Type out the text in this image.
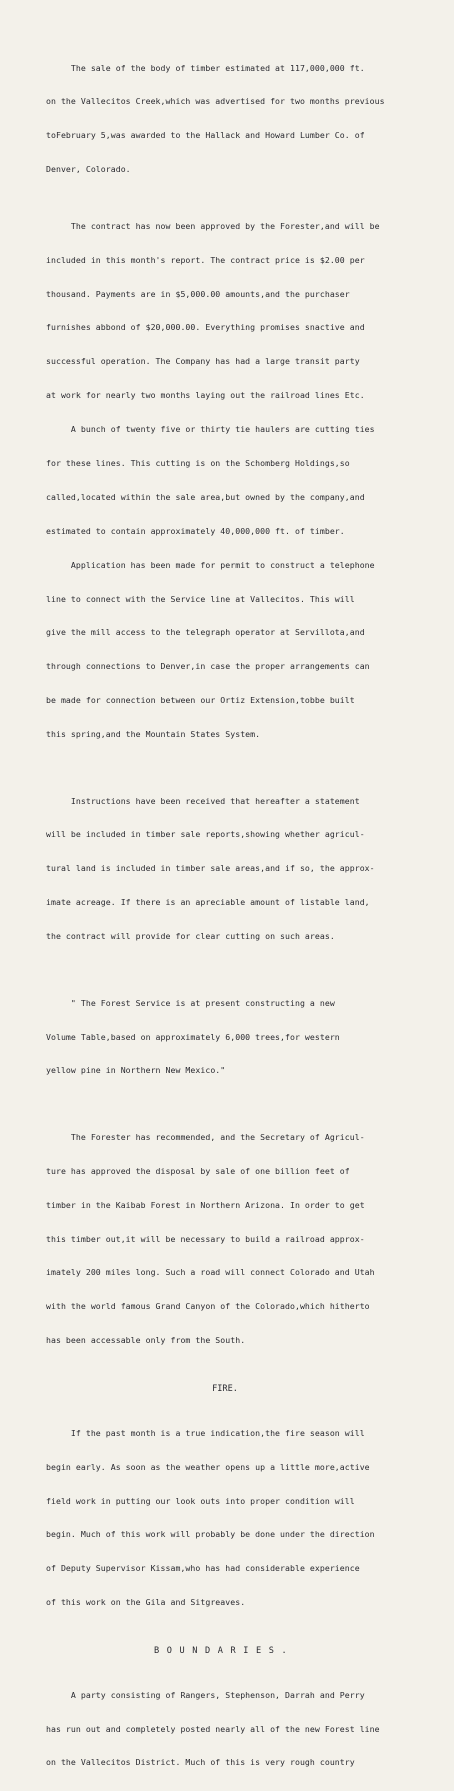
The sale of the body of timber estimated at 117,000,000 ft.

on the Vallecitos Creek,which was advertised for two months previous

toFebruary 5,was awarded to the Hallack and Howard Lumber Co. of

Denver, Colorado.

The contract has now been approved by the Forester,and will be

included in this month's report. The contract price is $2.00 per

thousand. Payments are in $5,000.00 amounts,and the purchaser

furnishes abbond of $20,000.00. Everything promises snactive and

successful operation. The Company has had a large transit party

at work for nearly two months laying out the railroad lines Etc.

A bunch of twenty five or thirty tie haulers are cutting ties

for these lines. This cutting is on the Schomberg Holdings,so

called,located within the sale area,but owned by the company,and

estimated to contain approximately 40,000,000 ft. of timber.

Application has been made for permit to construct a telephone

line to connect with the Service line at Vallecitos. This will

give the mill access to the telegraph operator at Servillota,and

through connections to Denver,in case the proper arrangements can

be made for connection between our Ortiz Extension,tobbe built

this spring,and the Mountain States System.

Instructions have been received that hereafter a statement

will be included in timber sale reports,showing whether agricul-

tural land is included in timber sale areas,and if so, the approx-

imate acreage. If there is an apreciable amount of listable land,

the contract will provide for clear cutting on such areas.

" The Forest Service is at present constructing a new

Volume Table,based on approximately 6,000 trees,for western

yellow pine in Northern New Mexico."

The Forester has recommended, and the Secretary of Agricul-

ture has approved the disposal by sale of one billion feet of

timber in the Kaibab Forest in Northern Arizona. In order to get

this timber out,it will be necessary to build a railroad approx-

imately 200 miles long. Such a road will connect Colorado and Utah

with the world famous Grand Canyon of the Colorado,which hitherto

has been accessable only from the South.

FIRE.

If the past month is a true indication,the fire season will

begin early. As soon as the weather opens up a little more,active

field work in putting our look outs into proper condition will

begin. Much of this work will probably be done under the direction

of Deputy Supervisor Kissam,who has had considerable experience

of this work on the Gila and Sitgreaves.

B O U N D A R I E S .

A party consisting of Rangers, Stephenson, Darrah and Perry

has run out and completely posted nearly all of the new Forest line

on the Vallecitos District. Much of this is very rough country
